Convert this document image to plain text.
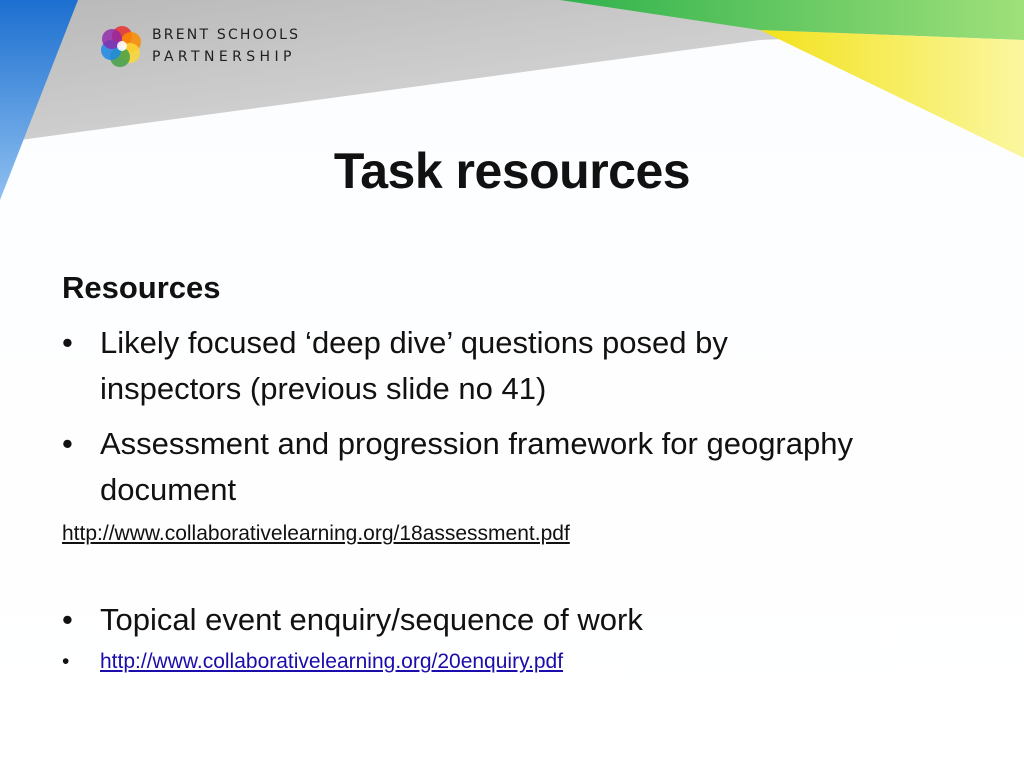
BRENT SCHOOLS
PARTNERSHIP
Task resources
Resources
• Likely focused ‘deep dive’ questions posed by
inspectors (previous slide no 41)
• Assessment and progression framework for geography
document
http://www.collaborativelearning.org/18assessment.pdf
• Topical event enquiry/sequence of work
• http://www.collaborativelearning.org/20enquiry.pdf
